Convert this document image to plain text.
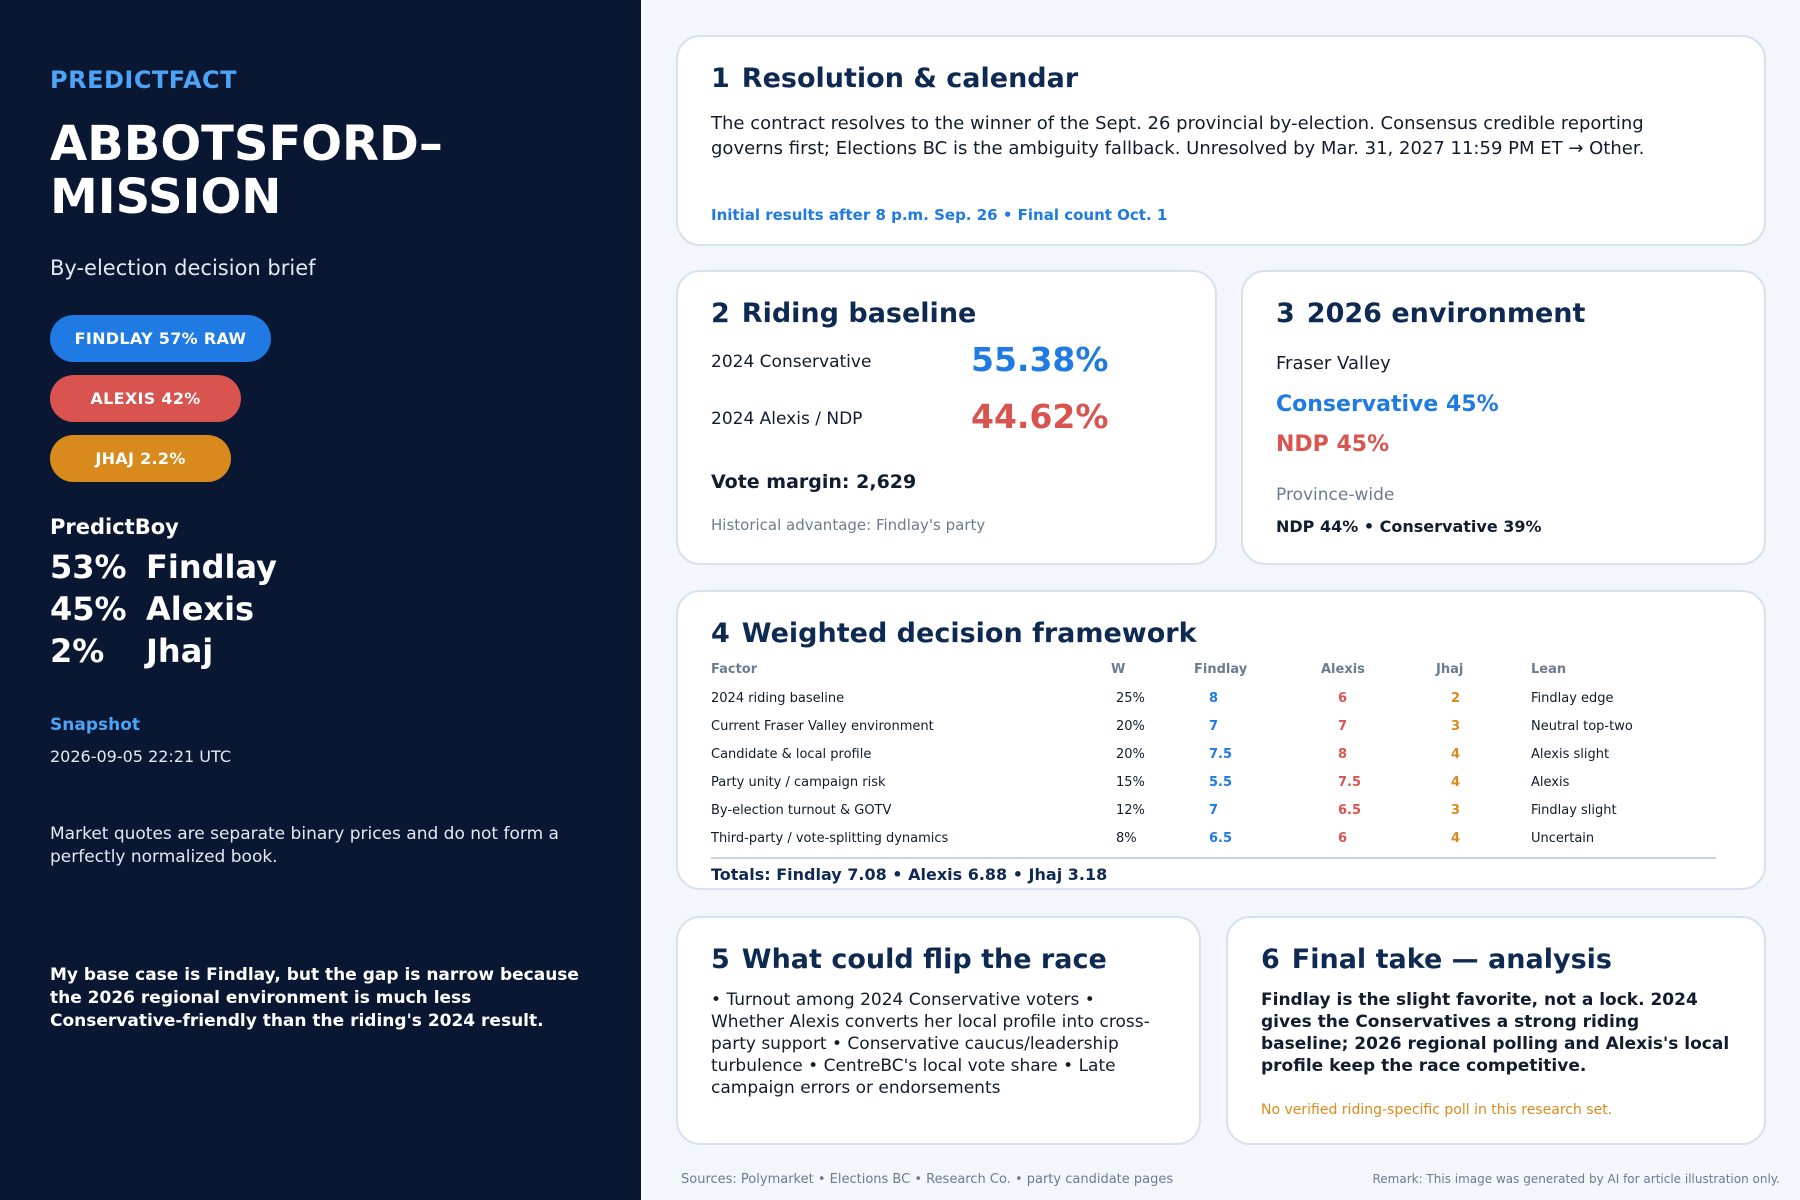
PREDICTFACT
ABBOTSFORD–MISSION
By-election decision brief
FINDLAY 57% RAW
ALEXIS 42%
JHAJ 2.2%
PredictBoy
53% Findlay
45% Alexis
2%	Jhaj
Snapshot
2026-09-05 22:21 UTC
Market quotes are separate binary prices and do not form a perfectly normalized book.
My base case is Findlay, but the gap is narrow because the 2026 regional environment is much less Conservative-friendly than the riding's 2024 result.
1 Resolution & calendar
The contract resolves to the winner of the Sept. 26 provincial by-election. Consensus credible reporting governs first; Elections BC is the ambiguity fallback. Unresolved by Mar. 31, 2027 11:59 PM ET → Other.
Initial results after 8 p.m. Sep. 26 • Final count Oct. 1
2 Riding baseline
2024 Conservative	55.38%
2024 Alexis / NDP	44.62%
Vote margin: 2,629
Historical advantage: Findlay's party
3 2026 environment
Fraser Valley
Conservative 45%
NDP 45%
Province-wide
NDP 44% • Conservative 39%
4 Weighted decision framework
Factor	W	Findlay	Alexis	Jhaj	Lean
2024 riding baseline	25%	8	6	2	Findlay edge
Current Fraser Valley environment	20%	7	7	3	Neutral top-two
Candidate & local profile	20%	7.5	8	4	Alexis slight
Party unity / campaign risk	15%	5.5	7.5	4	Alexis
By-election turnout & GOTV	12%	7	6.5	3	Findlay slight
Third-party / vote-splitting dynamics	8%	6.5	6	4	Uncertain
Totals: Findlay 7.08 • Alexis 6.88 • Jhaj 3.18
5 What could flip the race
• Turnout among 2024 Conservative voters • Whether Alexis converts her local profile into cross-party support • Conservative caucus/leadership turbulence • CentreBC's local vote share • Late campaign errors or endorsements
6 Final take — analysis
Findlay is the slight favorite, not a lock. 2024 gives the Conservatives a strong riding baseline; 2026 regional polling and Alexis's local profile keep the race competitive.
No verified riding-specific poll in this research set.
Sources: Polymarket • Elections BC • Research Co. • party candidate pages	Remark: This image was generated by AI for article illustration only.
